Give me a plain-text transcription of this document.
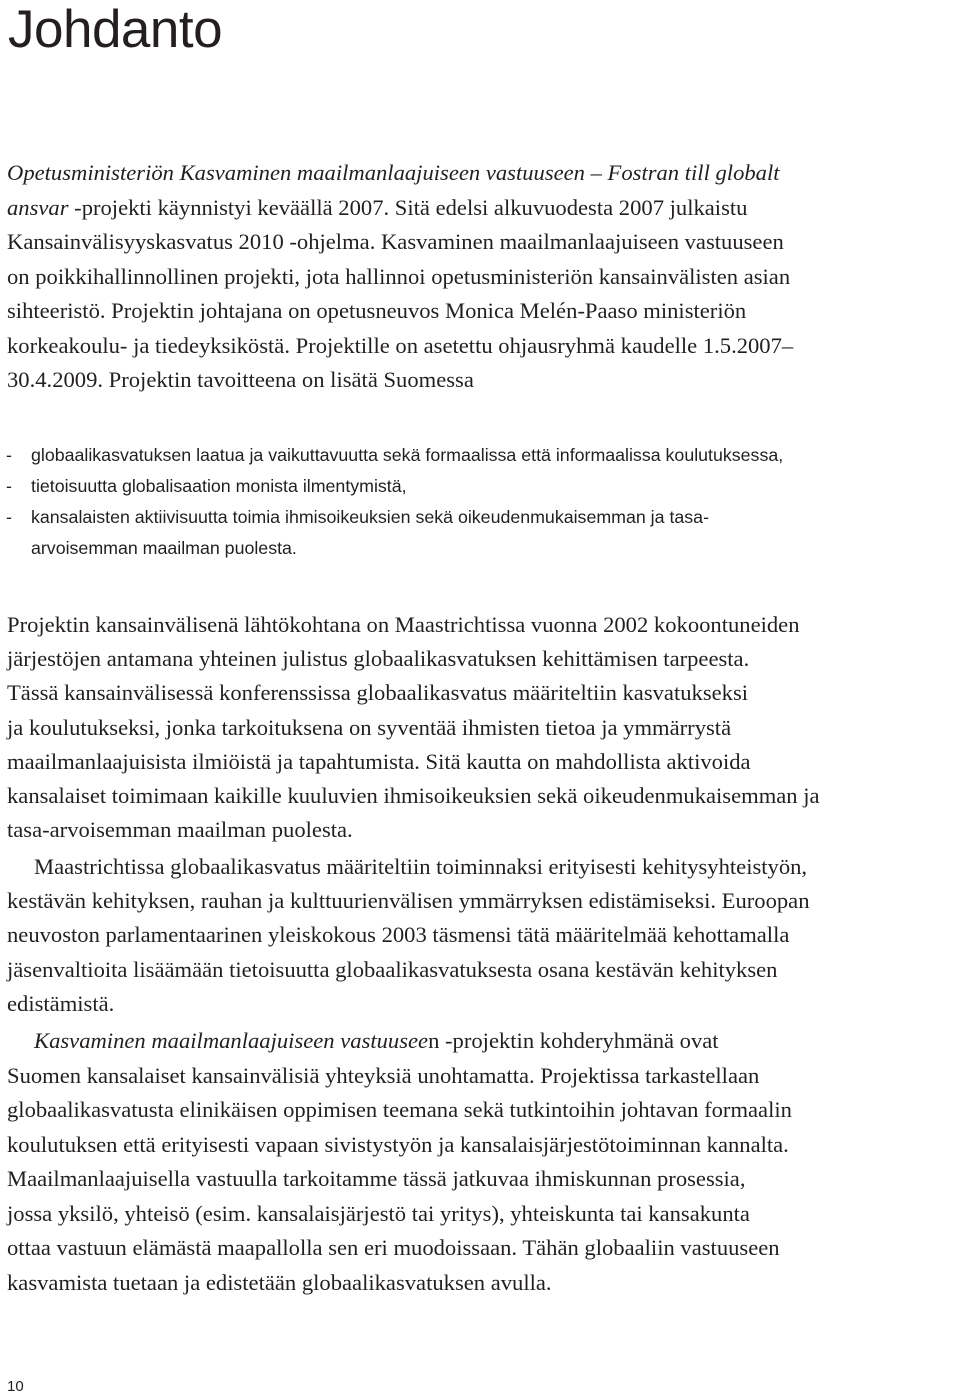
Johdanto

Opetusministeriön Kasvaminen maailmanlaajuiseen vastuuseen – Fostran till globalt
ansvar -projekti käynnistyi keväällä 2007. Sitä edelsi alkuvuodesta 2007 julkaistu
Kansainvälisyyskasvatus 2010 -ohjelma. Kasvaminen maailmanlaajuiseen vastuuseen
on poikkihallinnollinen projekti, jota hallinnoi opetusministeriön kansainvälisten asian
sihteeristö. Projektin johtajana on opetusneuvos Monica Melén-Paaso ministeriön
korkeakoulu- ja tiedeyksiköstä. Projektille on asetettu ohjausryhmä kaudelle 1.5.2007–
30.4.2009. Projektin tavoitteena on lisätä Suomessa

- globaalikasvatuksen laatua ja vaikuttavuutta sekä formaalissa että informaalissa koulutuksessa,
- tietoisuutta globalisaation monista ilmentymistä,
- kansalaisten aktiivisuutta toimia ihmisoikeuksien sekä oikeudenmukaisemman ja tasa-
arvoisemman maailman puolesta.

Projektin kansainvälisenä lähtökohtana on Maastrichtissa vuonna 2002 kokoontuneiden
järjestöjen antamana yhteinen julistus globaalikasvatuksen kehittämisen tarpeesta.
Tässä kansainvälisessä konferenssissa globaalikasvatus määriteltiin kasvatukseksi
ja koulutukseksi, jonka tarkoituksena on syventää ihmisten tietoa ja ymmärrystä
maailmanlaajuisista ilmiöistä ja tapahtumista. Sitä kautta on mahdollista aktivoida
kansalaiset toimimaan kaikille kuuluvien ihmisoikeuksien sekä oikeudenmukaisemman ja
tasa-arvoisemman maailman puolesta.

Maastrichtissa globaalikasvatus määriteltiin toiminnaksi erityisesti kehitysyhteistyön,
kestävän kehityksen, rauhan ja kulttuurienvälisen ymmärryksen edistämiseksi. Euroopan
neuvoston parlamentaarinen yleiskokous 2003 täsmensi tätä määritelmää kehottamalla
jäsenvaltioita lisäämään tietoisuutta globaalikasvatuksesta osana kestävän kehityksen
edistämistä.

Kasvaminen maailmanlaajuiseen vastuuseen -projektin kohderyhmänä ovat
Suomen kansalaiset kansainvälisiä yhteyksiä unohtamatta. Projektissa tarkastellaan
globaalikasvatusta elinikäisen oppimisen teemana sekä tutkintoihin johtavan formaalin
koulutuksen että erityisesti vapaan sivistystyön ja kansalaisjärjestötoiminnan kannalta.
Maailmanlaajuisella vastuulla tarkoitamme tässä jatkuvaa ihmiskunnan prosessia,
jossa yksilö, yhteisö (esim. kansalaisjärjestö tai yritys), yhteiskunta tai kansakunta
ottaa vastuun elämästä maapallolla sen eri muodoissaan. Tähän globaaliin vastuuseen
kasvamista tuetaan ja edistetään globaalikasvatuksen avulla.

10
